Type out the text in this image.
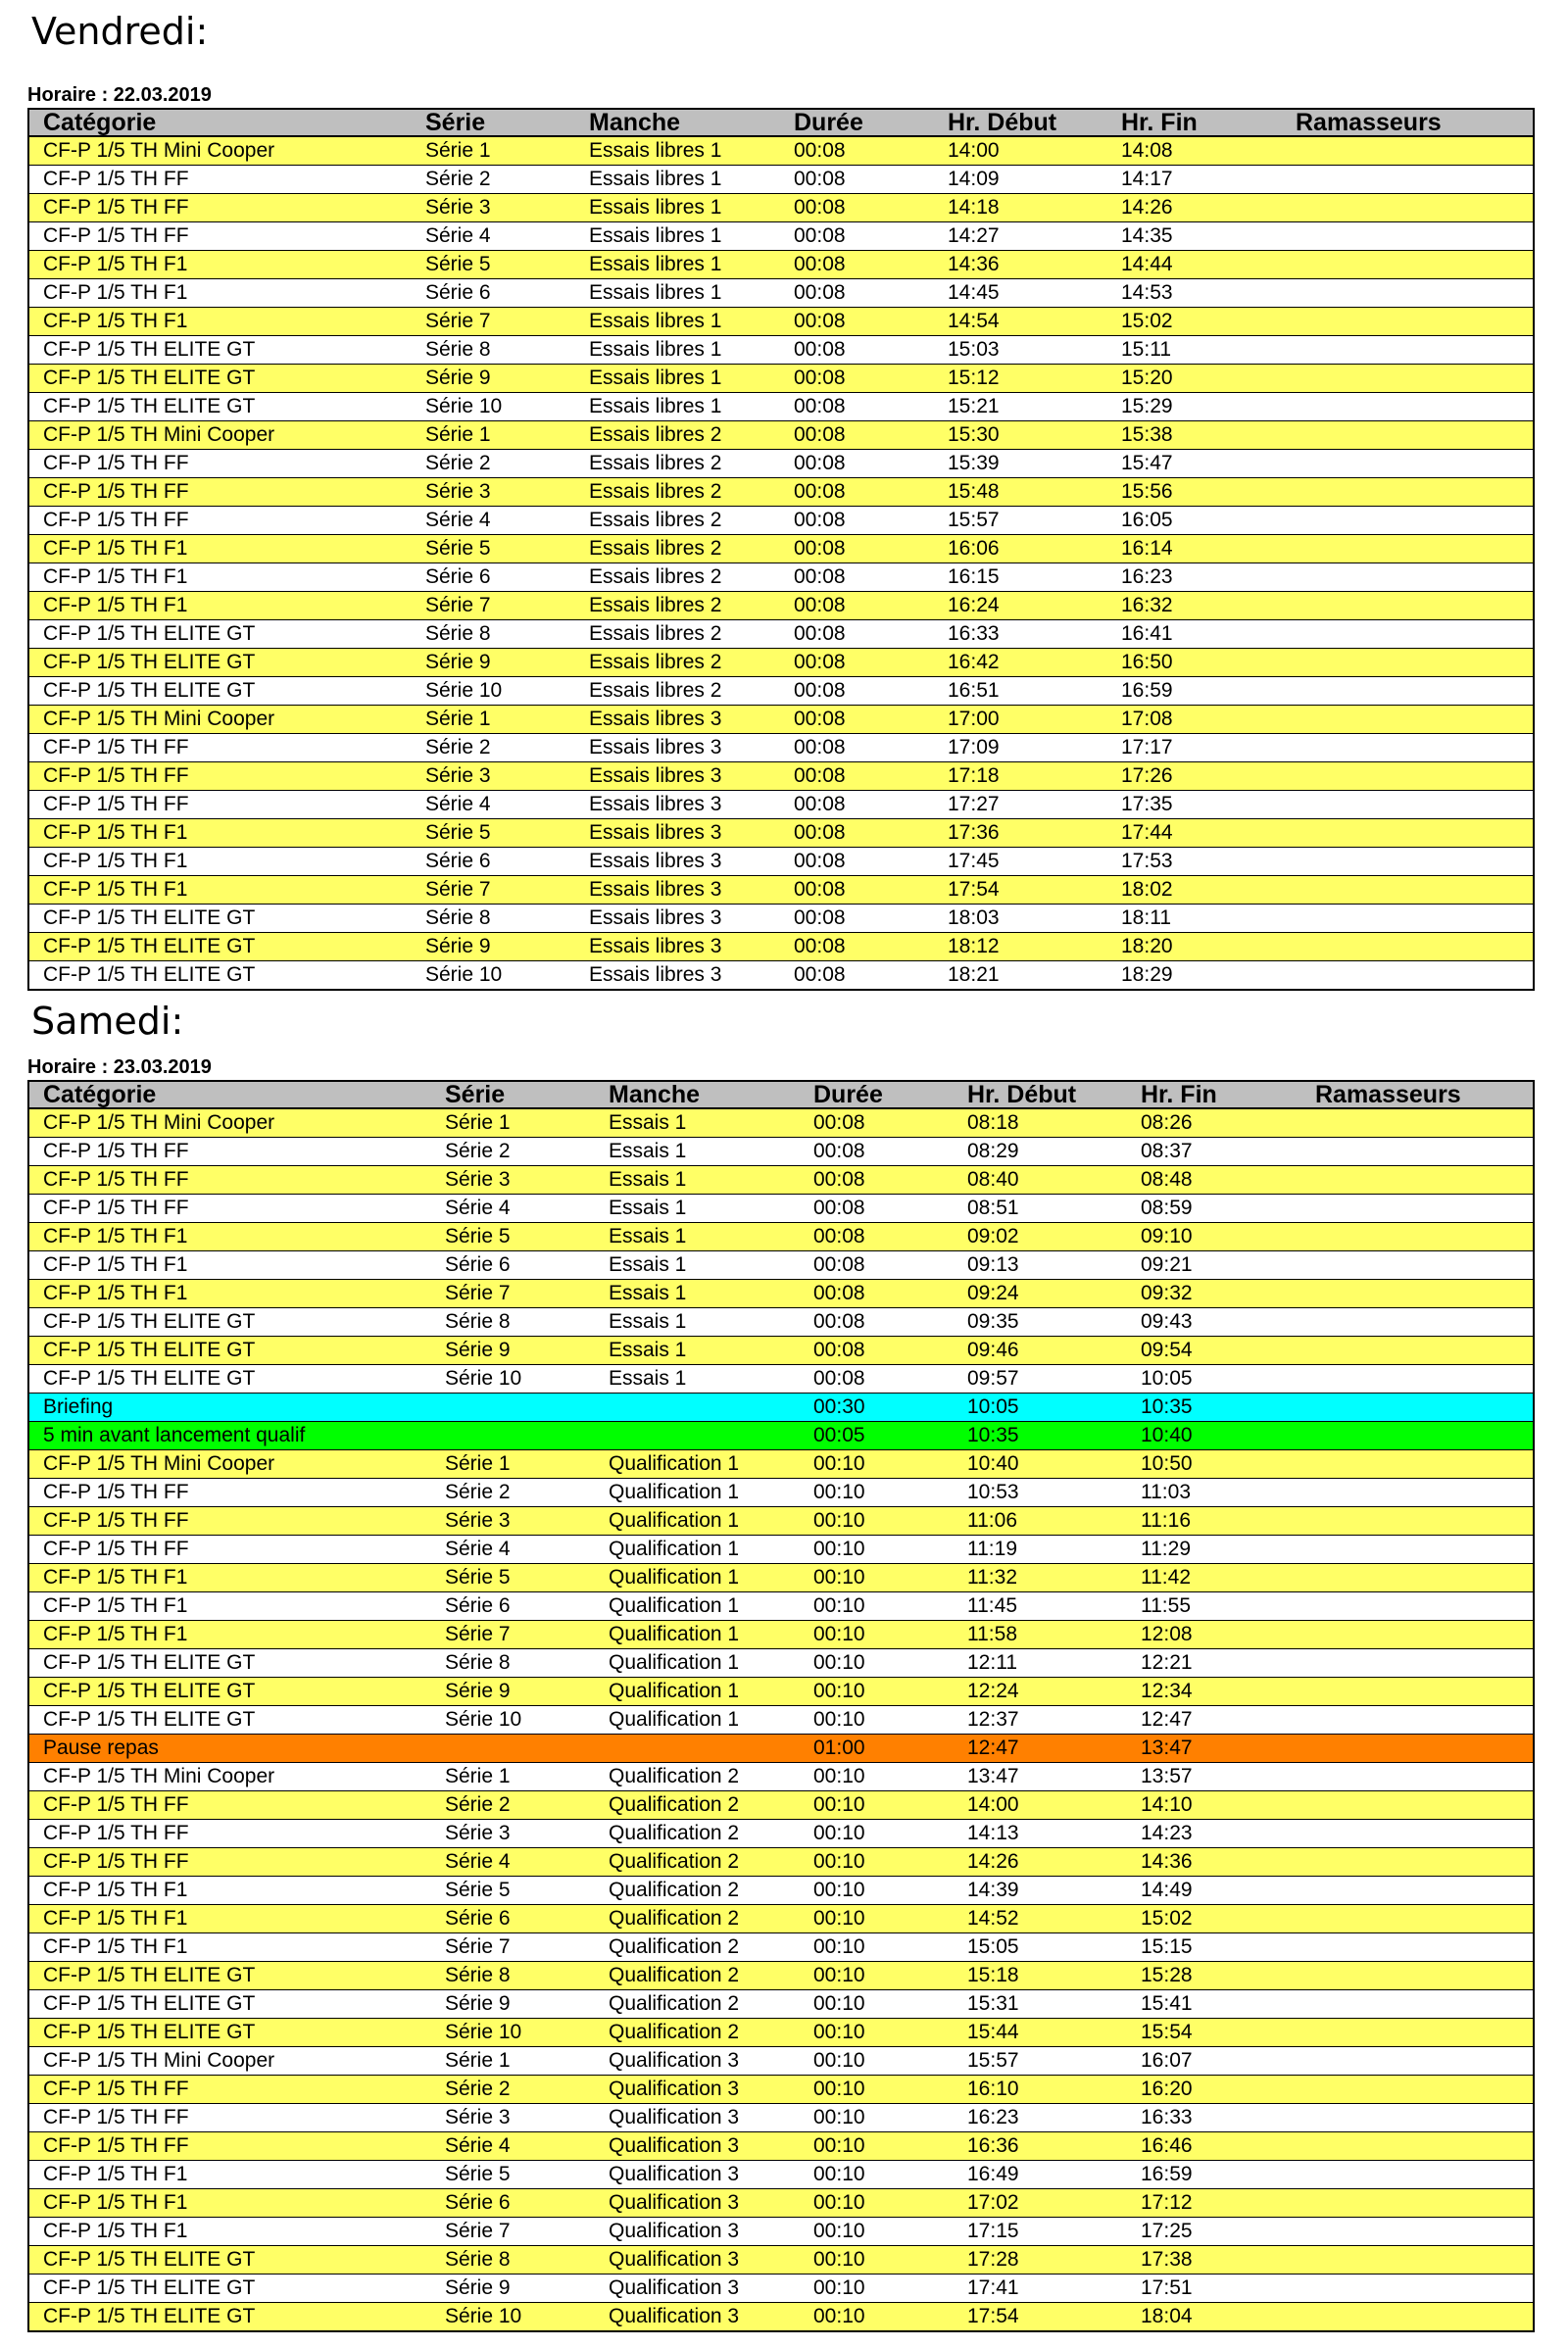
Vendredi:
Horaire : 22.03.2019
Catégorie	Série	Manche	Durée	Hr. Début	Hr. Fin	Ramasseurs
CF-P 1/5 TH Mini Cooper	Série 1	Essais libres 1	00:08	14:00	14:08	
CF-P 1/5 TH FF	Série 2	Essais libres 1	00:08	14:09	14:17	
CF-P 1/5 TH FF	Série 3	Essais libres 1	00:08	14:18	14:26	
CF-P 1/5 TH FF	Série 4	Essais libres 1	00:08	14:27	14:35	
CF-P 1/5 TH F1	Série 5	Essais libres 1	00:08	14:36	14:44	
CF-P 1/5 TH F1	Série 6	Essais libres 1	00:08	14:45	14:53	
CF-P 1/5 TH F1	Série 7	Essais libres 1	00:08	14:54	15:02	
CF-P 1/5 TH ELITE GT	Série 8	Essais libres 1	00:08	15:03	15:11	
CF-P 1/5 TH ELITE GT	Série 9	Essais libres 1	00:08	15:12	15:20	
CF-P 1/5 TH ELITE GT	Série 10	Essais libres 1	00:08	15:21	15:29	
CF-P 1/5 TH Mini Cooper	Série 1	Essais libres 2	00:08	15:30	15:38	
CF-P 1/5 TH FF	Série 2	Essais libres 2	00:08	15:39	15:47	
CF-P 1/5 TH FF	Série 3	Essais libres 2	00:08	15:48	15:56	
CF-P 1/5 TH FF	Série 4	Essais libres 2	00:08	15:57	16:05	
CF-P 1/5 TH F1	Série 5	Essais libres 2	00:08	16:06	16:14	
CF-P 1/5 TH F1	Série 6	Essais libres 2	00:08	16:15	16:23	
CF-P 1/5 TH F1	Série 7	Essais libres 2	00:08	16:24	16:32	
CF-P 1/5 TH ELITE GT	Série 8	Essais libres 2	00:08	16:33	16:41	
CF-P 1/5 TH ELITE GT	Série 9	Essais libres 2	00:08	16:42	16:50	
CF-P 1/5 TH ELITE GT	Série 10	Essais libres 2	00:08	16:51	16:59	
CF-P 1/5 TH Mini Cooper	Série 1	Essais libres 3	00:08	17:00	17:08	
CF-P 1/5 TH FF	Série 2	Essais libres 3	00:08	17:09	17:17	
CF-P 1/5 TH FF	Série 3	Essais libres 3	00:08	17:18	17:26	
CF-P 1/5 TH FF	Série 4	Essais libres 3	00:08	17:27	17:35	
CF-P 1/5 TH F1	Série 5	Essais libres 3	00:08	17:36	17:44	
CF-P 1/5 TH F1	Série 6	Essais libres 3	00:08	17:45	17:53	
CF-P 1/5 TH F1	Série 7	Essais libres 3	00:08	17:54	18:02	
CF-P 1/5 TH ELITE GT	Série 8	Essais libres 3	00:08	18:03	18:11	
CF-P 1/5 TH ELITE GT	Série 9	Essais libres 3	00:08	18:12	18:20	
CF-P 1/5 TH ELITE GT	Série 10	Essais libres 3	00:08	18:21	18:29	
Samedi:
Horaire : 23.03.2019
Catégorie	Série	Manche	Durée	Hr. Début	Hr. Fin	Ramasseurs
CF-P 1/5 TH Mini Cooper	Série 1	Essais 1	00:08	08:18	08:26	
CF-P 1/5 TH FF	Série 2	Essais 1	00:08	08:29	08:37	
CF-P 1/5 TH FF	Série 3	Essais 1	00:08	08:40	08:48	
CF-P 1/5 TH FF	Série 4	Essais 1	00:08	08:51	08:59	
CF-P 1/5 TH F1	Série 5	Essais 1	00:08	09:02	09:10	
CF-P 1/5 TH F1	Série 6	Essais 1	00:08	09:13	09:21	
CF-P 1/5 TH F1	Série 7	Essais 1	00:08	09:24	09:32	
CF-P 1/5 TH ELITE GT	Série 8	Essais 1	00:08	09:35	09:43	
CF-P 1/5 TH ELITE GT	Série 9	Essais 1	00:08	09:46	09:54	
CF-P 1/5 TH ELITE GT	Série 10	Essais 1	00:08	09:57	10:05	
Briefing			00:30	10:05	10:35	
5 min avant lancement qualif			00:05	10:35	10:40	
CF-P 1/5 TH Mini Cooper	Série 1	Qualification 1	00:10	10:40	10:50	
CF-P 1/5 TH FF	Série 2	Qualification 1	00:10	10:53	11:03	
CF-P 1/5 TH FF	Série 3	Qualification 1	00:10	11:06	11:16	
CF-P 1/5 TH FF	Série 4	Qualification 1	00:10	11:19	11:29	
CF-P 1/5 TH F1	Série 5	Qualification 1	00:10	11:32	11:42	
CF-P 1/5 TH F1	Série 6	Qualification 1	00:10	11:45	11:55	
CF-P 1/5 TH F1	Série 7	Qualification 1	00:10	11:58	12:08	
CF-P 1/5 TH ELITE GT	Série 8	Qualification 1	00:10	12:11	12:21	
CF-P 1/5 TH ELITE GT	Série 9	Qualification 1	00:10	12:24	12:34	
CF-P 1/5 TH ELITE GT	Série 10	Qualification 1	00:10	12:37	12:47	
Pause repas			01:00	12:47	13:47	
CF-P 1/5 TH Mini Cooper	Série 1	Qualification 2	00:10	13:47	13:57	
CF-P 1/5 TH FF	Série 2	Qualification 2	00:10	14:00	14:10	
CF-P 1/5 TH FF	Série 3	Qualification 2	00:10	14:13	14:23	
CF-P 1/5 TH FF	Série 4	Qualification 2	00:10	14:26	14:36	
CF-P 1/5 TH F1	Série 5	Qualification 2	00:10	14:39	14:49	
CF-P 1/5 TH F1	Série 6	Qualification 2	00:10	14:52	15:02	
CF-P 1/5 TH F1	Série 7	Qualification 2	00:10	15:05	15:15	
CF-P 1/5 TH ELITE GT	Série 8	Qualification 2	00:10	15:18	15:28	
CF-P 1/5 TH ELITE GT	Série 9	Qualification 2	00:10	15:31	15:41	
CF-P 1/5 TH ELITE GT	Série 10	Qualification 2	00:10	15:44	15:54	
CF-P 1/5 TH Mini Cooper	Série 1	Qualification 3	00:10	15:57	16:07	
CF-P 1/5 TH FF	Série 2	Qualification 3	00:10	16:10	16:20	
CF-P 1/5 TH FF	Série 3	Qualification 3	00:10	16:23	16:33	
CF-P 1/5 TH FF	Série 4	Qualification 3	00:10	16:36	16:46	
CF-P 1/5 TH F1	Série 5	Qualification 3	00:10	16:49	16:59	
CF-P 1/5 TH F1	Série 6	Qualification 3	00:10	17:02	17:12	
CF-P 1/5 TH F1	Série 7	Qualification 3	00:10	17:15	17:25	
CF-P 1/5 TH ELITE GT	Série 8	Qualification 3	00:10	17:28	17:38	
CF-P 1/5 TH ELITE GT	Série 9	Qualification 3	00:10	17:41	17:51	
CF-P 1/5 TH ELITE GT	Série 10	Qualification 3	00:10	17:54	18:04	
